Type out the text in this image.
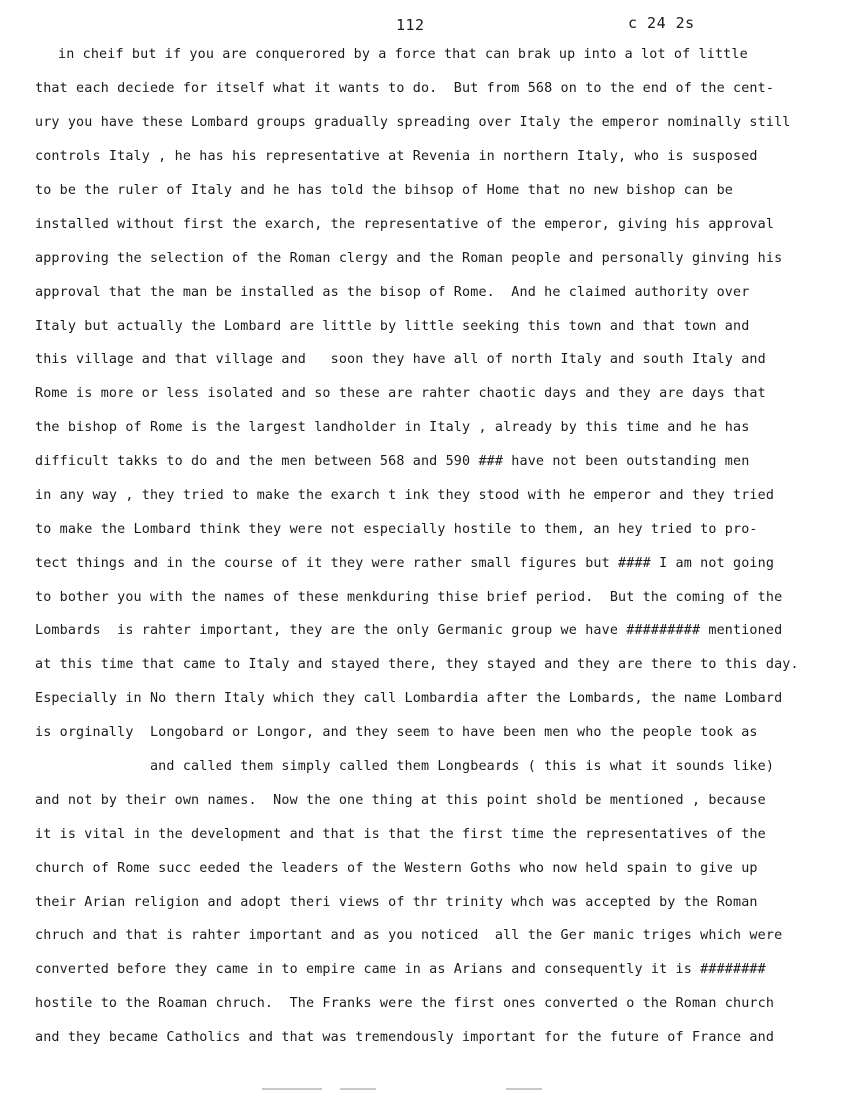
112	c 24 2s
in cheif but if you are conquerored by a force that can brak up into a lot of little
that each deciede for itself what it wants to do.  But from 568 on to the end of the cent-
ury you have these Lombard groups gradually spreading over Italy the emperor nominally still
controls Italy , he has his representative at Revenia in northern Italy, who is susposed
to be the ruler of Italy and he has told the bihsop of Home that no new bishop can be
installed without first the exarch, the representative of the emperor, giving his approval
approving the selection of the Roman clergy and the Roman people and personally ginving his
approval that the man be installed as the bisop of Rome.  And he claimed authority over
Italy but actually the Lombard are little by little seeking this town and that town and
this village and that village and   soon they have all of north Italy and south Italy and
Rome is more or less isolated and so these are rahter chaotic days and they are days that
the bishop of Rome is the largest landholder in Italy , already by this time and he has
difficult takks to do and the men between 568 and 590 ### have not been outstanding men
in any way , they tried to make the exarch t ink they stood with he emperor and they tried
to make the Lombard think they were not especially hostile to them, an hey tried to pro-
tect things and in the course of it they were rather small figures but #### I am not going
to bother you with the names of these menkduring thise brief period.  But the coming of the
Lombards  is rahter important, they are the only Germanic group we have ######### mentioned
at this time that came to Italy and stayed there, they stayed and they are there to this day.
Especially in No thern Italy which they call Lombardia after the Lombards, the name Lombard
is orginally  Longobard or Longor, and they seem to have been men who the people took as
and called them simply called them Longbeards ( this is what it sounds like)
and not by their own names.  Now the one thing at this point shold be mentioned , because
it is vital in the development and that is that the first time the representatives of the
church of Rome succ eeded the leaders of the Western Goths who now held spain to give up
their Arian religion and adopt theri views of thr trinity whch was accepted by the Roman
chruch and that is rahter important and as you noticed  all the Ger manic triges which were
converted before they came in to empire came in as Arians and consequently it is ########
hostile to the Roaman chruch.  The Franks were the first ones converted o the Roman church
and they became Catholics and that was tremendously important for the future of France and
